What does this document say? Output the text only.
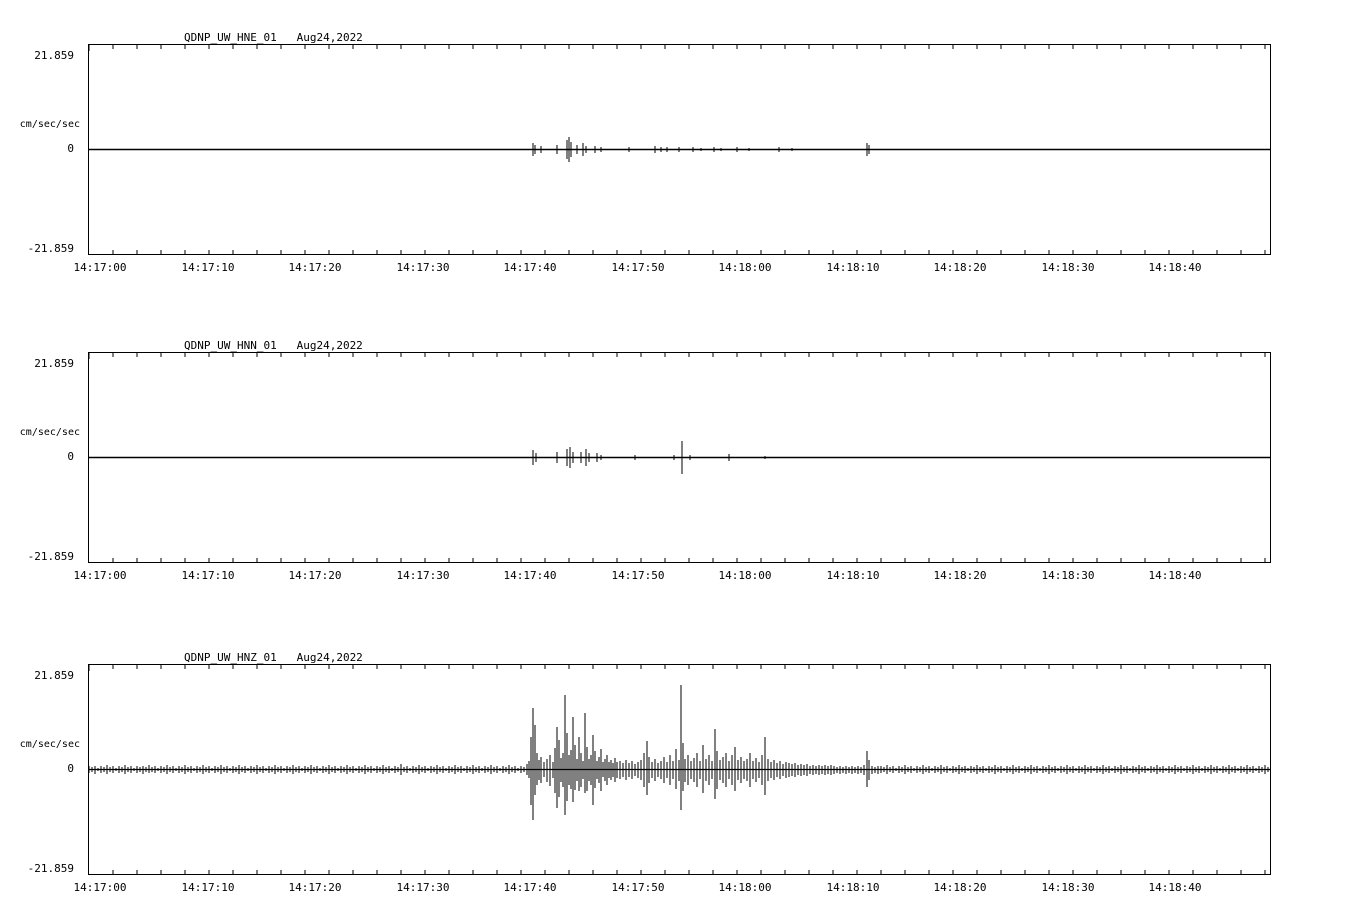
QDNP_UW_HNE_01   Aug24,2022
21.859
cm/sec/sec
0
-21.859
14:17:00	14:17:10	14:17:20	14:17:30	14:17:40	14:17:50	14:18:00	14:18:10	14:18:20	14:18:30	14:18:40
QDNP_UW_HNN_01   Aug24,2022
21.859
cm/sec/sec
0
-21.859
14:17:00	14:17:10	14:17:20	14:17:30	14:17:40	14:17:50	14:18:00	14:18:10	14:18:20	14:18:30	14:18:40
QDNP_UW_HNZ_01   Aug24,2022
21.859
cm/sec/sec
0
-21.859
14:17:00	14:17:10	14:17:20	14:17:30	14:17:40	14:17:50	14:18:00	14:18:10	14:18:20	14:18:30	14:18:40
